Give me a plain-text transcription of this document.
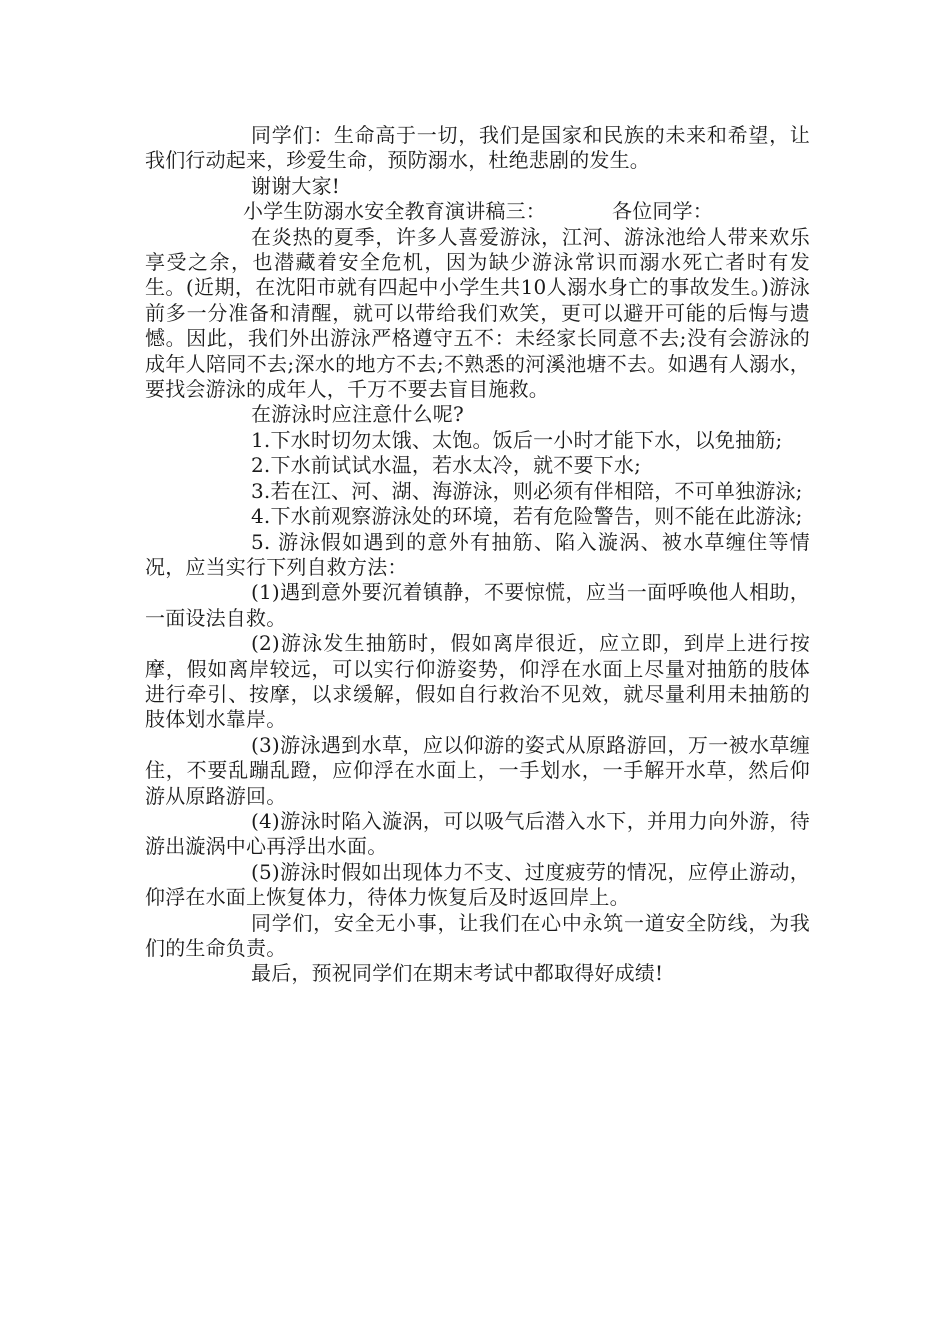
同学们：生命高于一切，我们是国家和民族的未来和希望，让我们行动起来，珍爱生命，预防溺水，杜绝悲剧的发生。

谢谢大家!

小学生防溺水安全教育演讲稿三：	各位同学：

在炎热的夏季，许多人喜爱游泳，江河、游泳池给人带来欢乐享受之余，也潜藏着安全危机，因为缺少游泳常识而溺水死亡者时有发生。(近期，在沈阳市就有四起中小学生共10人溺水身亡的事故发生。)游泳前多一分准备和清醒，就可以带给我们欢笑，更可以避开可能的后悔与遗憾。因此，我们外出游泳严格遵守五不：未经家长同意不去;没有会游泳的成年人陪同不去;深水的地方不去;不熟悉的河溪池塘不去。如遇有人溺水，要找会游泳的成年人，千万不要去盲目施救。

在游泳时应注意什么呢?

1.下水时切勿太饿、太饱。饭后一小时才能下水，以免抽筋;

2.下水前试试水温，若水太冷，就不要下水;

3.若在江、河、湖、海游泳，则必须有伴相陪，不可单独游泳;

4.下水前观察游泳处的环境，若有危险警告，则不能在此游泳;

5. 游泳假如遇到的意外有抽筋、陷入漩涡、被水草缠住等情况，应当实行下列自救方法：

(1)遇到意外要沉着镇静，不要惊慌，应当一面呼唤他人相助，一面设法自救。

(2)游泳发生抽筋时，假如离岸很近，应立即，到岸上进行按摩，假如离岸较远，可以实行仰游姿势，仰浮在水面上尽量对抽筋的肢体进行牵引、按摩，以求缓解，假如自行救治不见效，就尽量利用未抽筋的肢体划水靠岸。

(3)游泳遇到水草，应以仰游的姿式从原路游回，万一被水草缠住，不要乱蹦乱蹬，应仰浮在水面上，一手划水，一手解开水草，然后仰游从原路游回。

(4)游泳时陷入漩涡，可以吸气后潜入水下，并用力向外游，待游出漩涡中心再浮出水面。

(5)游泳时假如出现体力不支、过度疲劳的情况，应停止游动，仰浮在水面上恢复体力，待体力恢复后及时返回岸上。

同学们，安全无小事，让我们在心中永筑一道安全防线，为我们的生命负责。

最后，预祝同学们在期末考试中都取得好成绩!
